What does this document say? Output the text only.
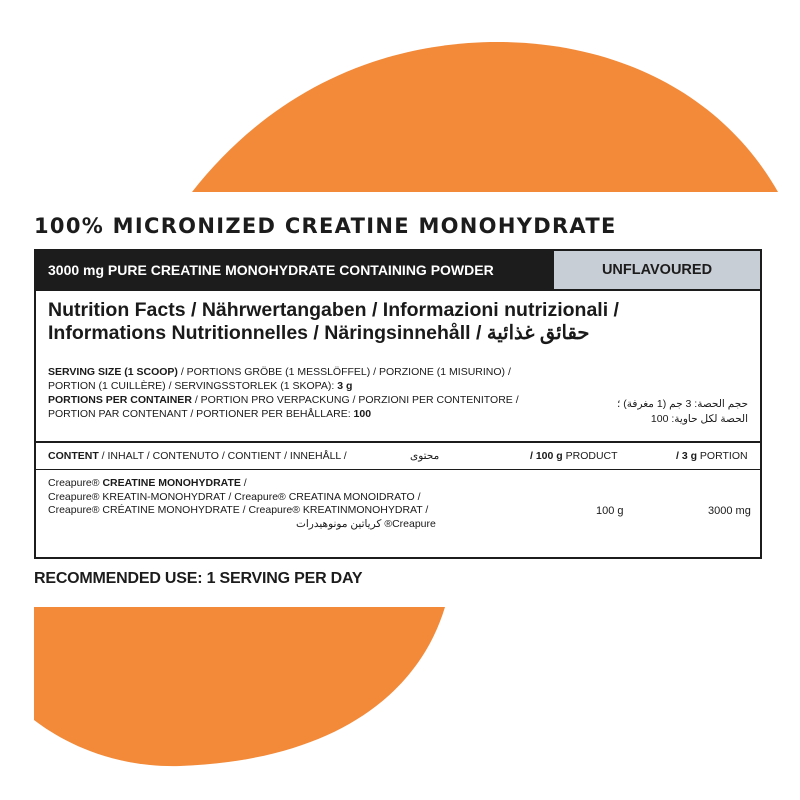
100% MICRONIZED CREATINE MONOHYDRATE
3000 mg PURE CREATINE MONOHYDRATE CONTAINING POWDER	UNFLAVOURED
Nutrition Facts / Nährwertangaben / Informazioni nutrizionali /
Informations Nutritionnelles / Näringsinnehåll / حقائق غذائية
SERVING SIZE (1 SCOOP) / PORTIONS GRÖBE (1 MESSLÖFFEL) / PORZIONE (1 MISURINO) /
PORTION (1 CUILLÈRE) / SERVINGSSTORLEK (1 SKOPA): 3 g
PORTIONS PER CONTAINER / PORTION PRO VERPACKUNG / PORZIONI PER CONTENITORE /
PORTION PAR CONTENANT / PORTIONER PER BEHÅLLARE: 100
حجم الحصة: 3 جم (1 مغرفة) ؛
الحصة لكل حاوية: 100
CONTENT / INHALT / CONTENUTO / CONTIENT / INNEHÅLL /	محتوى	/ 100 g PRODUCT	/ 3 g PORTION
Creapure® CREATINE MONOHYDRATE /
Creapure® KREATIN-MONOHYDRAT / Creapure® CREATINA MONOIDRATO /
Creapure® CRÉATINE MONOHYDRATE / Creapure® KREATINMONOHYDRAT /
Creapure® كرياتين مونوهيدرات
100 g	3000 mg
RECOMMENDED USE: 1 SERVING PER DAY
